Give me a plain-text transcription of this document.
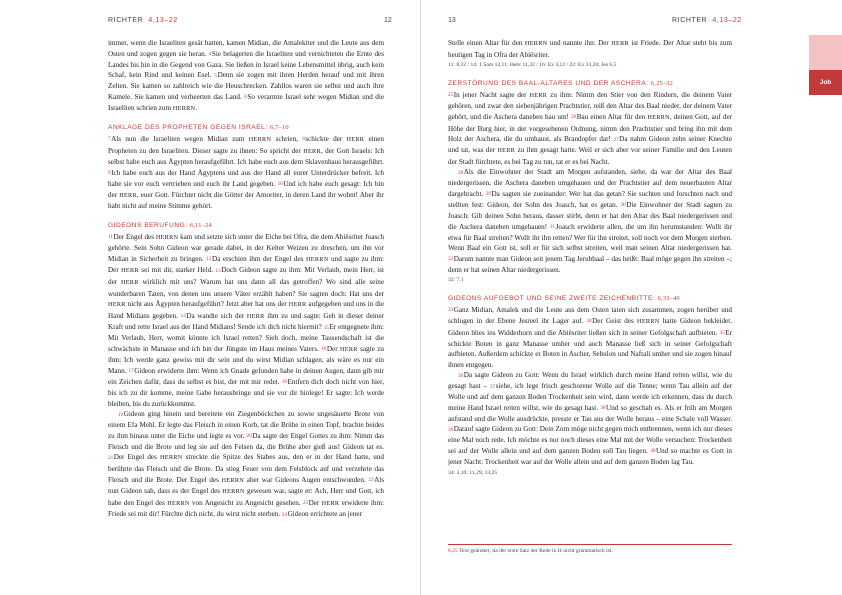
RICHTER 4,13–22	12

immer, wenn die Israeliten gesät hatten, kamen Midian, die Amalekiter und die Leute aus dem Osten und zogen gegen sie heran. 4Sie belagerten die Israeliten und vernichteten die Ernte des Landes bis hin in die Gegend von Gaza. Sie ließen in Israel keine Lebensmittel übrig, auch kein Schaf, kein Rind und keinen Esel. 5Denn sie zogen mit ihren Herden herauf und mit ihren Zelten. Sie kamen so zahlreich wie die Heuschrecken. Zahllos waren sie selbst und auch ihre Kamele. Sie kamen und verheerten das Land. 6So verarmte Israel sehr wegen Midian und die Israeliten schrien zum HERRN.

ANKLAGE DES PROPHETEN GEGEN ISRAEL: 6,7–10

7Als nun die Israeliten wegen Midian zum HERRN schrien, 8schickte der HERR einen Propheten zu den Israeliten. Dieser sagte zu ihnen: So spricht der HERR, der Gott Israels: Ich selbst habe euch aus Ägypten heraufgeführt. Ich habe euch aus dem Sklavenhaus herausgeführt. 9Ich habe euch aus der Hand Ägyptens und aus der Hand all eurer Unterdrücker befreit. Ich habe sie vor euch vertrieben und euch ihr Land gegeben. 10Und ich habe euch gesagt: Ich bin der HERR, euer Gott. Fürchtet nicht die Götter der Amoriter, in deren Land ihr wohnt! Aber ihr habt nicht auf meine Stimme gehört.

GIDEONS BERUFUNG: 6,11–24

11Der Engel des HERRN kam und setzte sich unter die Eiche bei Ofra, die dem Abiësriter Joasch gehörte. Sein Sohn Gideon war gerade dabei, in der Kelter Weizen zu dreschen, um ihn vor Midian in Sicherheit zu bringen. 12Da erschien ihm der Engel des HERRN und sagte zu ihm: Der HERR sei mit dir, starker Held. 13Doch Gideon sagte zu ihm: Mit Verlaub, mein Herr, ist der HERR wirklich mit uns? Warum hat uns dann all das getroffen? Wo sind alle seine wunderbaren Taten, von denen uns unsere Väter erzählt haben? Sie sagten doch: Hat uns der HERR nicht aus Ägypten heraufgeführt? Jetzt aber hat uns der HERR aufgegeben und uns in die Hand Midians gegeben. 14Da wandte sich der HERR ihm zu und sagte: Geh in dieser deiner Kraft und rette Israel aus der Hand Midians! Sende ich dich nicht hiermit? 15Er entgegnete ihm: Mit Verlaub, Herr, womit könnte ich Israel retten? Sieh doch, meine Tausendschaft ist die schwächste in Manasse und ich bin der Jüngste im Haus meines Vaters. 16Der HERR sagte zu ihm: Ich werde ganz gewiss mit dir sein und du wirst Midian schlagen, als wäre es nur ein Mann. 17Gideon erwiderte ihm: Wenn ich Gnade gefunden habe in deinen Augen, dann gib mir ein Zeichen dafür, dass du selbst es bist, der mit mir redet. 18Entfern dich doch nicht von hier, bis ich zu dir komme, meine Gabe herausbringe und sie vor dir hinlege! Er sagte: Ich werde bleiben, bis du zurückkommst.

19Gideon ging hinein und bereitete ein Ziegenböckchen zu sowie ungesäuerte Brote von einem Efa Mehl. Er legte das Fleisch in einen Korb, tat die Brühe in einen Topf, brachte beides zu ihm hinaus unter die Eiche und legte es vor. 20Da sagte der Engel Gottes zu ihm: Nimm das Fleisch und die Brote und leg sie auf den Felsen da, die Brühe aber gieß aus! Gideon tat es. 21Der Engel des HERRN streckte die Spitze des Stabes aus, den er in der Hand hatte, und berührte das Fleisch und die Brote. Da stieg Feuer von dem Felsblock auf und verzehrte das Fleisch und die Brote. Der Engel des HERRN aber war Gideons Augen entschwunden. 22Als nun Gideon sah, dass es der Engel des HERRN gewesen war, sagte er: Ach, Herr und Gott, ich habe den Engel des HERRN von Angesicht zu Angesicht gesehen. 23Der HERR erwiderte ihm: Friede sei mit dir! Fürchte dich nicht, du wirst nicht sterben. 24Gideon errichtete an jener

13	RICHTER 4,13–22

Stelle einen Altar für den HERRN und nannte ihn: Der HERR ist Friede. Der Altar steht bis zum heutigen Tag in Ofra der Abiësriter.

11: 8,32 / 14: 1 Sam 12,11; Hebr 11,32 / 16: Ex 3,12 / 22: Ex 33,20; Jes 6,5
ZERSTÖRUNG DES BAAL-ALTARES UND DER ASCHERA: 6,25–32

25In jener Nacht sagte der HERR zu ihm: Nimm den Stier von den Rindern, die deinem Vater gehören, und zwar den siebenjährigen Prachtstier, reiß den Altar des Baal nieder, der deinem Vater gehört, und die Aschera daneben hau um! 26Bau einen Altar für den HERRN, deinen Gott, auf der Höhe der Burg hier, in der vorgesehenen Ordnung, nimm den Prachtstier und bring ihn mit dem Holz der Aschera, die du umhaust, als Brandopfer dar! 27Da nahm Gideon zehn seiner Knechte und tat, was der HERR zu ihm gesagt hatte. Weil er sich aber vor seiner Familie und den Leuten der Stadt fürchtete, es bei Tag zu tun, tat er es bei Nacht.

28Als die Einwohner der Stadt am Morgen aufstanden, siehe, da war der Altar des Baal niedergerissen, die Aschera daneben umgehauen und der Prachtstier auf dem neuerbauten Altar dargebracht. 29Da sagten sie zueinander: Wer hat das getan? Sie suchten und forschten nach und stellten fest: Gideon, der Sohn des Joasch, hat es getan. 30Die Einwohner der Stadt sagten zu Joasch: Gib deinen Sohn heraus, dasser stirbt, denn er hat den Altar des Baal niedergerissen und die Aschera daneben umgehauen! 31Joasch erwiderte allen, die um ihn herumstanden: Wollt ihr etwa für Baal streiten? Wollt ihr ihn retten? Wer für ihn streitet, soll noch vor dem Morgen sterben. Wenn Baal ein Gott ist, soll er für sich selbst streiten, weil man seinen Altar niedergerissen hat. 32Darum nannte man Gideon seit jenem Tag Jerubbaal – das heißt: Baal möge gegen ihn streiten –; denn er hat seinen Altar niedergerissen.

32: 7,1
GIDEONS AUFGEBOT UND SEINE ZWEITE ZEICHENBITTE: 6,33–40

33Ganz Midian, Amalek und die Leute aus dem Osten taten sich zusammen, zogen herüber und schlugen in der Ebene Jesreel ihr Lager auf. 34Der Geist des HERRN hatte Gideon bekleidet. Gideon blies ins Widderhorn und die Abiësriter ließen sich in seiner Gefolgschaft aufbieten. 35Er schickte Boten in ganz Manasse umher und auch Manasse ließ sich in seiner Gefolgschaft aufbieten. Außerdem schickte er Boten in Ascher, Sebulon und Naftali umher und sie zogen hinauf ihnen entgegen.

36Da sagte Gideon zu Gott: Wenn du Israel wirklich durch meine Hand retten willst, wie du gesagt hast – 37siehe, ich lege frisch geschorene Wolle auf die Tenne; wenn Tau allein auf der Wolle und auf dem ganzen Boden Trockenheit sein wird, dann werde ich erkennen, dass du durch meine Hand Israel retten willst, wie du gesagt hast. 38Und so geschah es. Als er früh am Morgen aufstand und die Wolle ausdrückte, presste er Tau aus der Wolle heraus – eine Schale voll Wasser. 39Darauf sagte Gideon zu Gott: Dein Zorn möge nicht gegen mich entbrennen, wenn ich nur dieses eine Mal noch rede. Ich möchte es nur noch dieses eine Mal mit der Wolle versuchen: Trockenheit sei auf der Wolle allein und auf dem ganzen Boden soll Tau liegen. 40Und so machte es Gott in jener Nacht: Trockenheit war auf der Wolle allein und auf dem ganzen Boden lag Tau.

34: 3,10; 11,29; 13,25
6,25 Text geändert, da der erste Satz der Rede in H nicht grammatisch ist.
Job
